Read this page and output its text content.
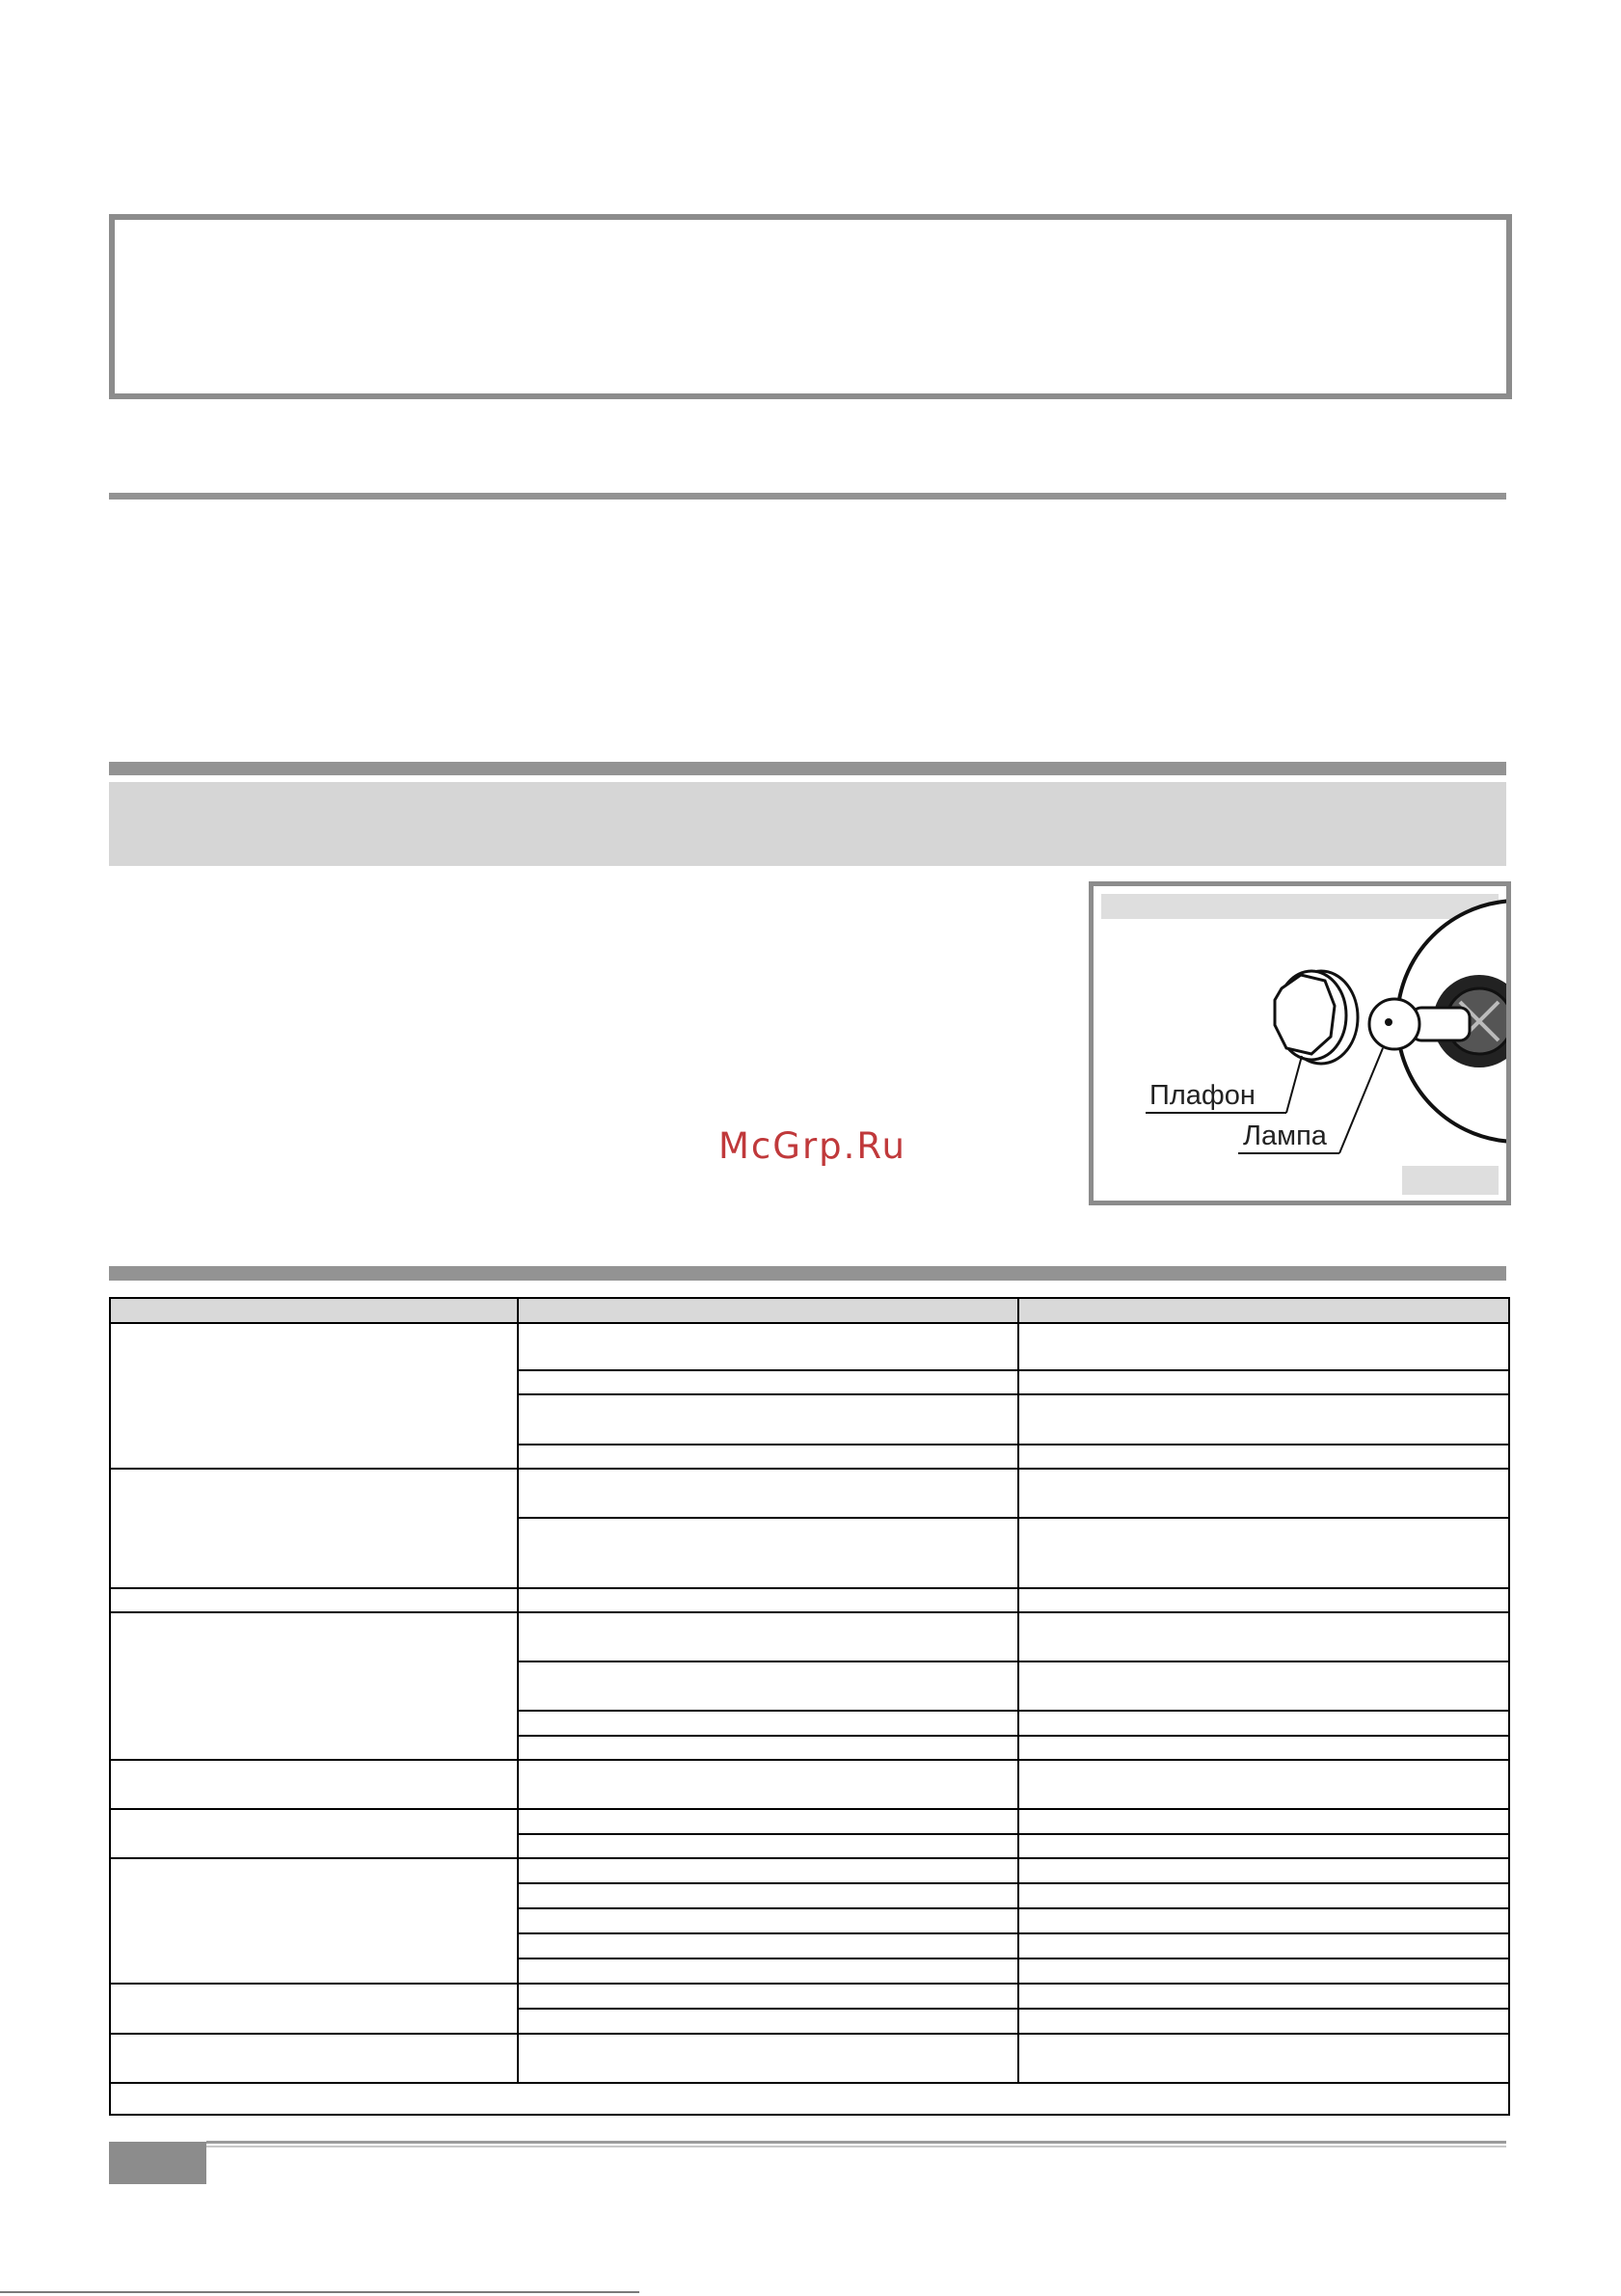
Плафон
Лампа
McGrp.Ru
